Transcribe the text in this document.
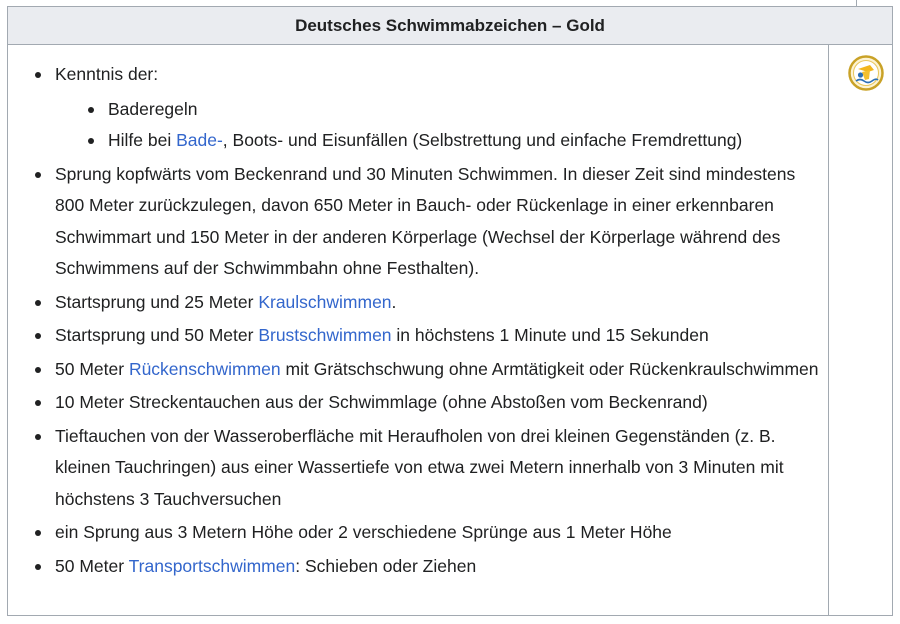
Deutsches Schwimmabzeichen – Gold
Kenntnis der:
Baderegeln
Hilfe bei Bade-, Boots- und Eisunfällen (Selbstrettung und einfache Fremdrettung)
Sprung kopfwärts vom Beckenrand und 30 Minuten Schwimmen. In dieser Zeit sind mindestens 800 Meter zurückzulegen, davon 650 Meter in Bauch- oder Rückenlage in einer erkennbaren Schwimmart und 150 Meter in der anderen Körperlage (Wechsel der Körperlage während des Schwimmens auf der Schwimmbahn ohne Festhalten).
Startsprung und 25 Meter Kraulschwimmen.
Startsprung und 50 Meter Brustschwimmen in höchstens 1 Minute und 15 Sekunden
50 Meter Rückenschwimmen mit Grätschschwung ohne Armtätigkeit oder Rückenkraulschwimmen
10 Meter Streckentauchen aus der Schwimmlage (ohne Abstoßen vom Beckenrand)
Tieftauchen von der Wasseroberfläche mit Heraufholen von drei kleinen Gegenständen (z. B. kleinen Tauchringen) aus einer Wassertiefe von etwa zwei Metern innerhalb von 3 Minuten mit höchstens 3 Tauchversuchen
ein Sprung aus 3 Metern Höhe oder 2 verschiedene Sprünge aus 1 Meter Höhe
50 Meter Transportschwimmen: Schieben oder Ziehen
